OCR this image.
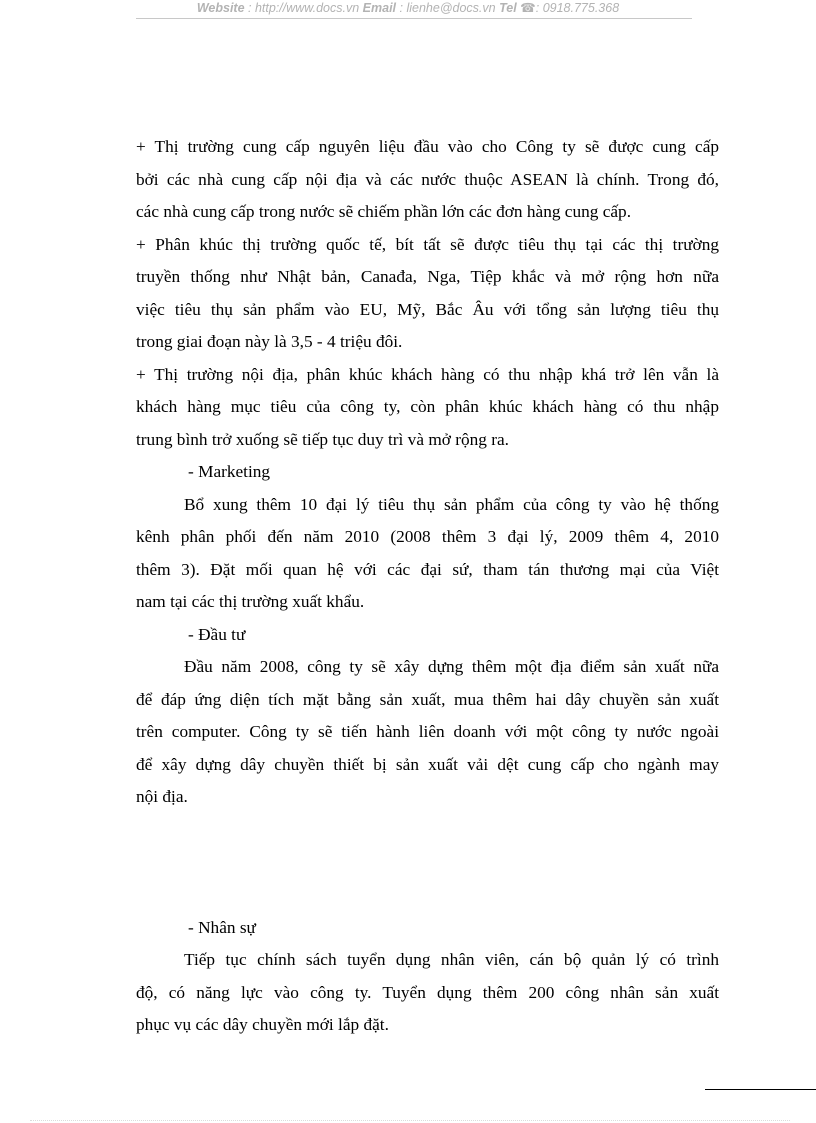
Website : http://www.docs.vn Email : lienhe@docs.vn Tel ☎: 0918.775.368
+ Thị trường cung cấp nguyên liệu đầu vào cho Công ty sẽ được cung cấp
bởi các nhà cung cấp nội địa và các nước thuộc ASEAN là chính. Trong đó,
các nhà cung cấp trong nước sẽ chiếm phần lớn các đơn hàng cung cấp.
+ Phân khúc thị trường quốc tế, bít tất sẽ được tiêu thụ tại các thị trường
truyền thống như Nhật bản, Canađa, Nga, Tiệp khắc và mở rộng hơn nữa
việc tiêu thụ sản phẩm vào EU, Mỹ, Bắc Âu với tổng sản lượng tiêu thụ
trong giai đoạn này là 3,5 - 4 triệu đôi.
+ Thị trường nội địa, phân khúc khách hàng có thu nhập khá trở lên vẫn là
khách hàng mục tiêu của công ty, còn phân khúc khách hàng có thu nhập
trung bình trở xuống sẽ tiếp tục duy trì và mở rộng ra.
- Marketing
Bổ xung thêm 10 đại lý tiêu thụ sản phẩm của công ty vào hệ thống
kênh phân phối đến năm 2010 (2008 thêm 3 đại lý, 2009 thêm 4, 2010
thêm 3). Đặt mối quan hệ với các đại sứ, tham tán thương mại của Việt
nam tại các thị trường xuất khẩu.
- Đầu tư
Đầu năm 2008, công ty sẽ xây dựng thêm một địa điểm sản xuất nữa
để đáp ứng diện tích mặt bằng sản xuất, mua thêm hai dây chuyền sản xuất
trên computer. Công ty sẽ tiến hành liên doanh với một công ty nước ngoài
để xây dựng dây chuyền thiết bị sản xuất vải dệt cung cấp cho ngành may
nội địa.
- Nhân sự
Tiếp tục chính sách tuyển dụng nhân viên, cán bộ quản lý có trình
độ, có năng lực vào công ty. Tuyển dụng thêm 200 công nhân sản xuất
phục vụ các dây chuyền mới lắp đặt.
